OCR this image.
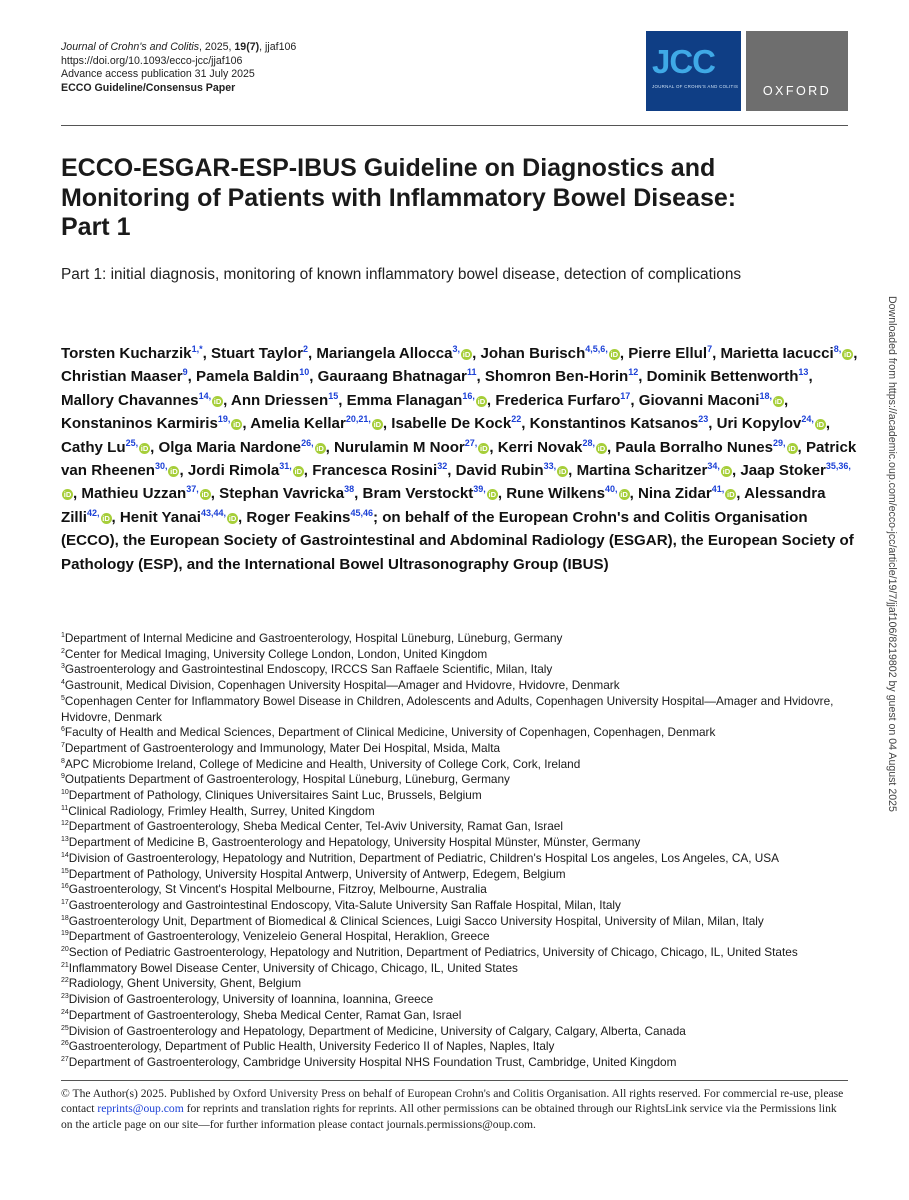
Journal of Crohn's and Colitis, 2025, 19(7), jjaf106
https://doi.org/10.1093/ecco-jcc/jjaf106
Advance access publication 31 July 2025
ECCO Guideline/Consensus Paper
JCC
JOURNAL OF CROHN'S AND COLITIS	OXFORD
ECCO-ESGAR-ESP-IBUS Guideline on Diagnostics and
Monitoring of Patients with Inflammatory Bowel Disease:
Part 1
Part 1: initial diagnosis, monitoring of known inflammatory bowel disease, detection of complications
Torsten Kucharzik$^{1,*}$, Stuart Taylor$^2$, Mariangela Allocca$^{3,}$iD , Johan Burisch$^{4,5,6,}$iD , Pierre Ellul$^7$, Marietta Iacucci$^{8,}$iD , Christian Maaser$^9$, Pamela Baldin$^{10}$, Gauraang Bhatnagar$^{11}$, Shomron Ben-Horin$^{12}$, Dominik Bettenworth$^{13}$, Mallory Chavannes$^{14,}$iD , Ann Driessen$^{15}$, Emma Flanagan$^{16,}$iD , Frederica Furfaro$^{17}$, Giovanni Maconi$^{18,}$iD , Konstaninos Karmiris$^{19,}$iD , Amelia Kellar$^{20,21,}$iD , Isabelle De Kock$^{22}$, Konstantinos Katsanos$^{23}$, Uri Kopylov$^{24,}$iD , Cathy $Lu^{25,}iD$ , Olga Maria Nardone$^{26,}$iD , Nurulamin M Noor$^{27,}$iD , Kerri Novak$^{28,}$iD , Paula Borralho Nunes$^{29,}$iD , Patrick van Rheenen$^{30,}$iD , Jordi Rimola$^{31,}$iD , Francesca Rosini$^{32}$, David Rubin$^{33,}$iD , Martina Scharitzer$^{34,}$iD , Jaap Stoker$^{35,36,}$iD , Mathieu Uzzan$^{37,}$iD , Stephan Vavricka$^{38}$, Bram Verstockt$^{39,}$iD , Rune Wilkens$^{40,}$iD , Nina Zidar$^{41,}$iD , Alessandra Zilli$^{42,}$iD , Henit Yanai$^{43,44,}$iD , Roger Feakins$^{45,46}$; on behalf of the European Crohn's and Colitis Organisation (ECCO), the European Society of Gastrointestinal and Abdominal Radiology (ESGAR), the European Society of Pathology (ESP), and the International Bowel Ultrasonography Group (IBUS)
$^1$Department of Internal Medicine and Gastroenterology, Hospital Lüneburg, Lüneburg, Germany
$^2$Center for Medical Imaging, University College London, London, United Kingdom
$^3$Gastroenterology and Gastrointestinal Endoscopy, IRCCS San Raffaele Scientific, Milan, Italy
$^4$Gastrounit, Medical Division, Copenhagen University Hospital—Amager and Hvidovre, Hvidovre, Denmark
$^5$Copenhagen Center for Inflammatory Bowel Disease in Children, Adolescents and Adults, Copenhagen University Hospital—Amager and Hvidovre, Hvidovre, Denmark
$^6$Faculty of Health and Medical Sciences, Department of Clinical Medicine, University of Copenhagen, Copenhagen, Denmark
$^7$Department of Gastroenterology and Immunology, Mater Dei Hospital, Msida, Malta
$^8$APC Microbiome Ireland, College of Medicine and Health, University of College Cork, Cork, Ireland
$^9$Outpatients Department of Gastroenterology, Hospital Lüneburg, Lüneburg, Germany
$^{10}$Department of Pathology, Cliniques Universitaires Saint Luc, Brussels, Belgium
$^{11}$Clinical Radiology, Frimley Health, Surrey, United Kingdom
$^{12}$Department of Gastroenterology, Sheba Medical Center, Tel-Aviv University, Ramat Gan, Israel
$^{13}$Department of Medicine B, Gastroenterology and Hepatology, University Hospital Münster, Münster, Germany
$^{14}$Division of Gastroenterology, Hepatology and Nutrition, Department of Pediatric, Children's Hospital Los angeles, Los Angeles, CA, USA
$^{15}$Department of Pathology, University Hospital Antwerp, University of Antwerp, Edegem, Belgium
$^{16}$Gastroenterology, St Vincent's Hospital Melbourne, Fitzroy, Melbourne, Australia
$^{17}$Gastroenterology and Gastrointestinal Endoscopy, Vita-Salute University San Raffale Hospital, Milan, Italy
$^{18}$Gastroenterology Unit, Department of Biomedical & Clinical Sciences, Luigi Sacco University Hospital, University of Milan, Milan, Italy
$^{19}$Department of Gastroenterology, Venizeleio General Hospital, Heraklion, Greece
$^{20}$Section of Pediatric Gastroenterology, Hepatology and Nutrition, Department of Pediatrics, University of Chicago, Chicago, IL, United States
$^{21}$Inflammatory Bowel Disease Center, University of Chicago, Chicago, IL, United States
$^{22}$Radiology, Ghent University, Ghent, Belgium
$^{23}$Division of Gastroenterology, University of Ioannina, Ioannina, Greece
$^{24}$Department of Gastroenterology, Sheba Medical Center, Ramat Gan, Israel
$^{25}$Division of Gastroenterology and Hepatology, Department of Medicine, University of Calgary, Calgary, Alberta, Canada
$^{26}$Gastroenterology, Department of Public Health, University Federico II of Naples, Naples, Italy
$^{27}$Department of Gastroenterology, Cambridge University Hospital NHS Foundation Trust, Cambridge, United Kingdom
© The Author(s) 2025. Published by Oxford University Press on behalf of European Crohn's and Colitis Organisation. All rights reserved. For commercial re-use, please contact reprints@oup.com for reprints and translation rights for reprints. All other permissions can be obtained through our RightsLink service via the Permissions link on the article page on our site—for further information please contact journals.permissions@oup.com.
Downloaded from https://academic.oup.com/ecco-jcc/article/19/7/jjaf106/8219802 by guest on 04 August 2025
